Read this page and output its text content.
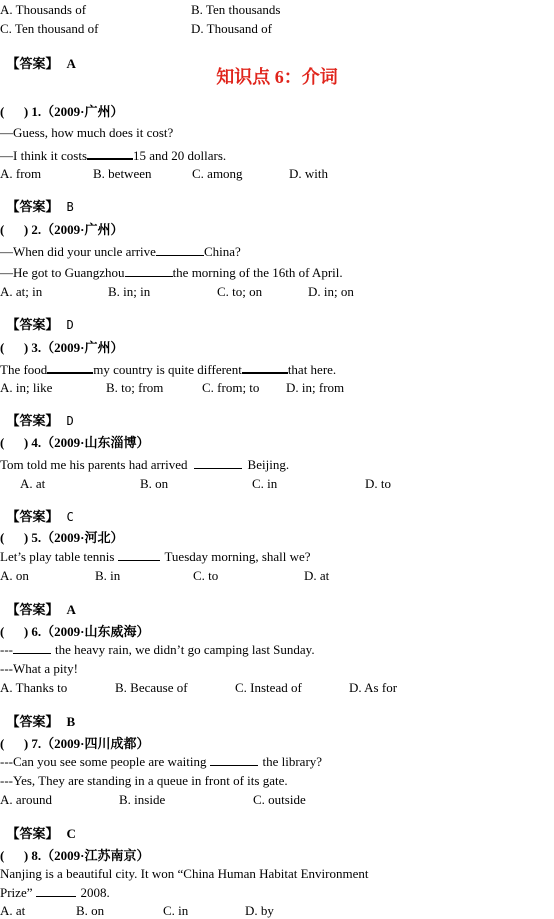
A. Thousands of	B. Ten thousands
C. Ten thousand of	D. Thousand of

【答案】 A

知识点 6：介词
(      ) 1.（2009·广州）
—Guess, how much does it cost?
—I think it costs	15 and 20 dollars.
A. from	B. between	C. among	D. with

【答案】 B

(      ) 2.（2009·广州）
—When did your uncle arrive	China?
—He got to Guangzhou	the morning of the 16th of April.
A. at; in	B. in; in	C. to; on	D. in; on

【答案】 D

(      ) 3.（2009·广州）
The food	my country is quite different	that here.
A. in; like	B. to; from	C. from; to D. in; from

【答案】 D

(      ) 4.（2009·山东淄博）
Tom told me his parents had arrived	Beijing.
A. at	B. on	C. in	D. to

【答案】 C

(      ) 5.（2009·河北）
Let’s play table tennis	Tuesday morning, shall we?
A. on	B. in	C. to	D. at

【答案】 A

(      ) 6.（2009·山东威海）
---	the heavy rain, we didn’t go camping last Sunday.
---What a pity!
A. Thanks to	B. Because of	C. Instead of	D. As for

【答案】 B

(      ) 7.（2009·四川成都）
---Can you see some people are waiting	the library?
---Yes, They are standing in a queue in front of its gate.
A. around	B. inside	C. outside

【答案】 C

(      ) 8.（2009·江苏南京）
Nanjing is a beautiful city. It won “China Human Habitat Environment
Prize”	2008.
A. at	B. on	C. in	D. by
